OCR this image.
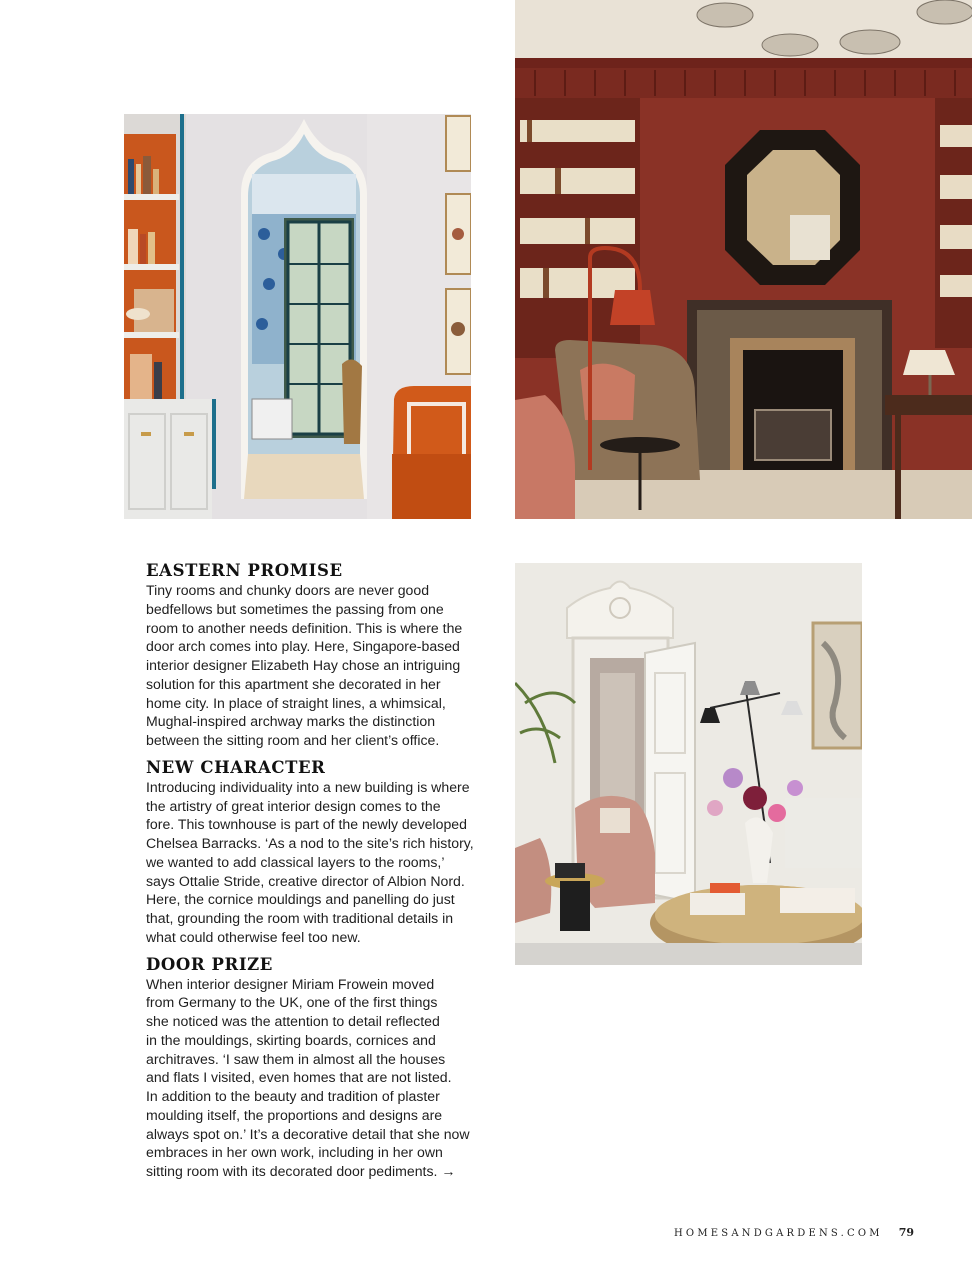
EASTERN PROMISE

Tiny rooms and chunky doors are never good
bedfellows but sometimes the passing from one
room to another needs definition. This is where the
door arch comes into play. Here, Singapore-based
interior designer Elizabeth Hay chose an intriguing
solution for this apartment she decorated in her
home city. In place of straight lines, a whimsical,
Mughal-inspired archway marks the distinction
between the sitting room and her client’s office.

NEW CHARACTER

Introducing individuality into a new building is where
the artistry of great interior design comes to the
fore. This townhouse is part of the newly developed
Chelsea Barracks. ‘As a nod to the site’s rich history,
we wanted to add classical layers to the rooms,’
says Ottalie Stride, creative director of Albion Nord.
Here, the cornice mouldings and panelling do just
that, grounding the room with traditional details in
what could otherwise feel too new.

DOOR PRIZE

When interior designer Miriam Frowein moved
from Germany to the UK, one of the first things
she noticed was the attention to detail reflected
in the mouldings, skirting boards, cornices and
architraves. ‘I saw them in almost all the houses
and flats I visited, even homes that are not listed.
In addition to the beauty and tradition of plaster
moulding itself, the proportions and designs are
always spot on.’ It’s a decorative detail that she now
embraces in her own work, including in her own
sitting room with its decorated door pediments. →

HOMESANDGARDENS.COM 79
